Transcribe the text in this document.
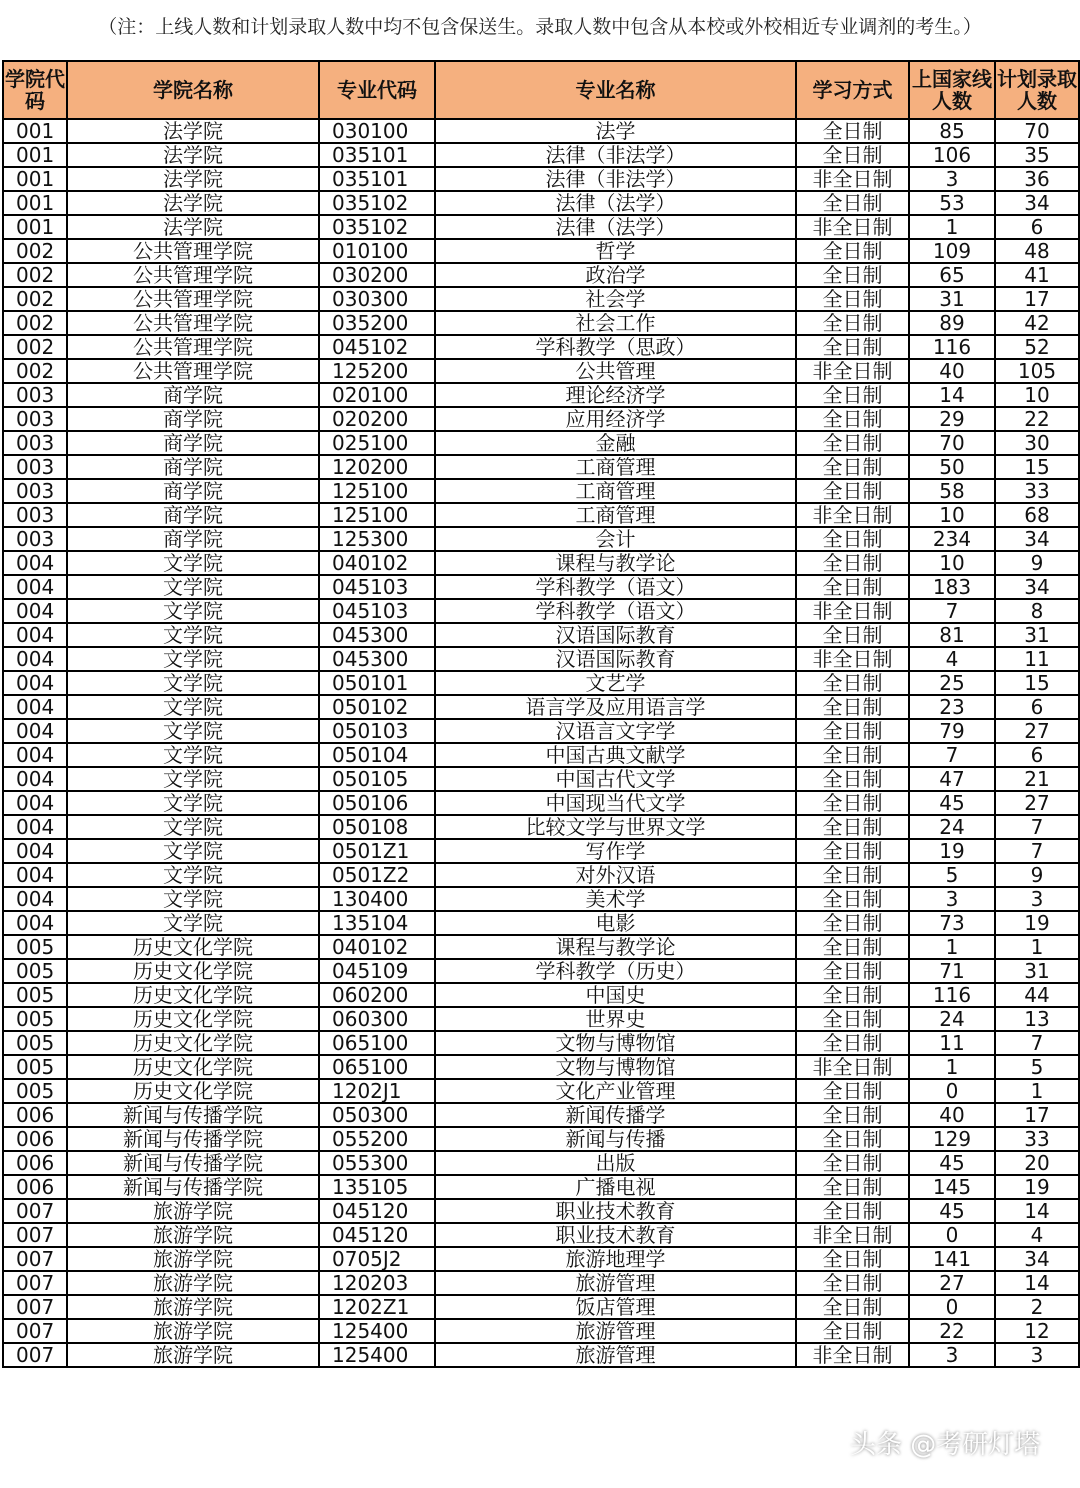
（注：上线人数和计划录取人数中均不包含保送生。录取人数中包含从本校或外校相近专业调剂的考生。）
学院代码	学院名称	专业代码	专业名称	学习方式	上国家线人数	计划录取人数
001	法学院	030100	法学	全日制	85	70
001	法学院	035101	法律（非法学）	全日制	106	35
001	法学院	035101	法律（非法学）	非全日制	3	36
001	法学院	035102	法律（法学）	全日制	53	34
001	法学院	035102	法律（法学）	非全日制	1	6
002	公共管理学院	010100	哲学	全日制	109	48
002	公共管理学院	030200	政治学	全日制	65	41
002	公共管理学院	030300	社会学	全日制	31	17
002	公共管理学院	035200	社会工作	全日制	89	42
002	公共管理学院	045102	学科教学（思政）	全日制	116	52
002	公共管理学院	125200	公共管理	非全日制	40	105
003	商学院	020100	理论经济学	全日制	14	10
003	商学院	020200	应用经济学	全日制	29	22
003	商学院	025100	金融	全日制	70	30
003	商学院	120200	工商管理	全日制	50	15
003	商学院	125100	工商管理	全日制	58	33
003	商学院	125100	工商管理	非全日制	10	68
003	商学院	125300	会计	全日制	234	34
004	文学院	040102	课程与教学论	全日制	10	9
004	文学院	045103	学科教学（语文）	全日制	183	34
004	文学院	045103	学科教学（语文）	非全日制	7	8
004	文学院	045300	汉语国际教育	全日制	81	31
004	文学院	045300	汉语国际教育	非全日制	4	11
004	文学院	050101	文艺学	全日制	25	15
004	文学院	050102	语言学及应用语言学	全日制	23	6
004	文学院	050103	汉语言文字学	全日制	79	27
004	文学院	050104	中国古典文献学	全日制	7	6
004	文学院	050105	中国古代文学	全日制	47	21
004	文学院	050106	中国现当代文学	全日制	45	27
004	文学院	050108	比较文学与世界文学	全日制	24	7
004	文学院	0501Z1	写作学	全日制	19	7
004	文学院	0501Z2	对外汉语	全日制	5	9
004	文学院	130400	美术学	全日制	3	3
004	文学院	135104	电影	全日制	73	19
005	历史文化学院	040102	课程与教学论	全日制	1	1
005	历史文化学院	045109	学科教学（历史）	全日制	71	31
005	历史文化学院	060200	中国史	全日制	116	44
005	历史文化学院	060300	世界史	全日制	24	13
005	历史文化学院	065100	文物与博物馆	全日制	11	7
005	历史文化学院	065100	文物与博物馆	非全日制	1	5
005	历史文化学院	1202J1	文化产业管理	全日制	0	1
006	新闻与传播学院	050300	新闻传播学	全日制	40	17
006	新闻与传播学院	055200	新闻与传播	全日制	129	33
006	新闻与传播学院	055300	出版	全日制	45	20
006	新闻与传播学院	135105	广播电视	全日制	145	19
007	旅游学院	045120	职业技术教育	全日制	45	14
007	旅游学院	045120	职业技术教育	非全日制	0	4
007	旅游学院	0705J2	旅游地理学	全日制	141	34
007	旅游学院	120203	旅游管理	全日制	27	14
007	旅游学院	1202Z1	饭店管理	全日制	0	2
007	旅游学院	125400	旅游管理	全日制	22	12
007	旅游学院	125400	旅游管理	非全日制	3	3
头条 @考研灯塔
